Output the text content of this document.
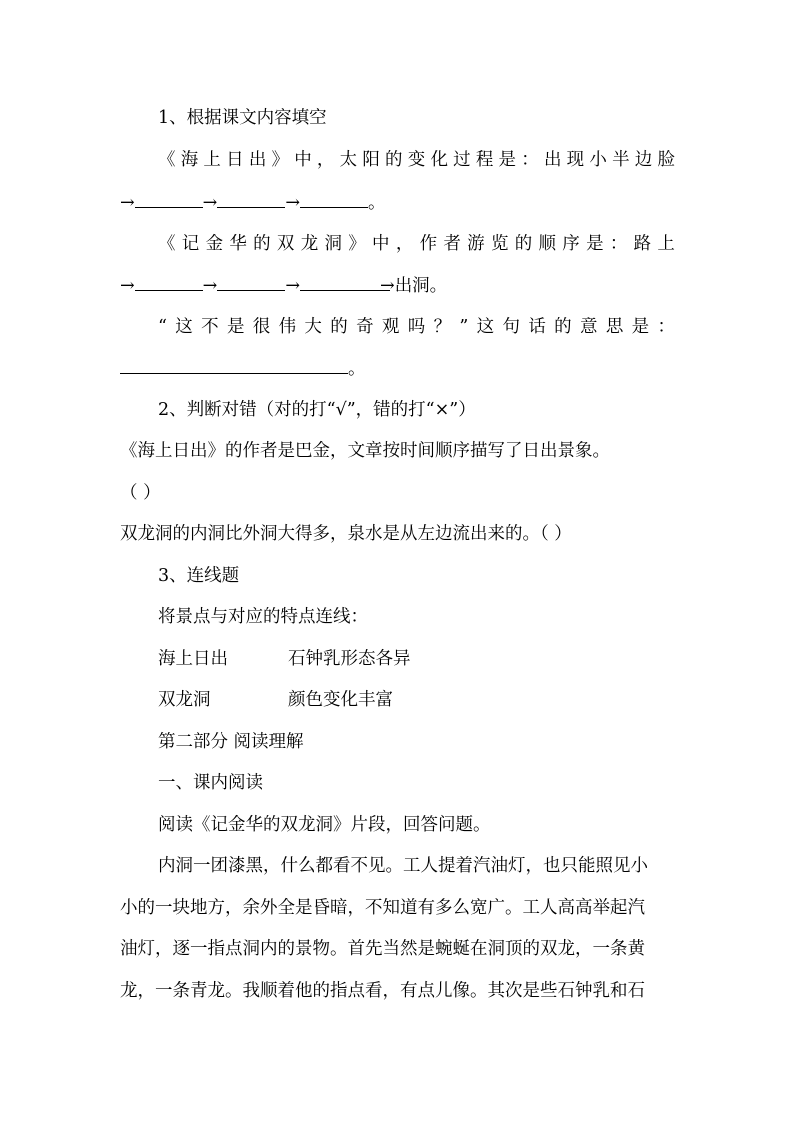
1、根据课文内容填空
《 海 上 日 出 》 中 ， 太 阳 的 变 化 过 程 是 ： 出 现 小 半 边 脸
→	→	→	。
《 记 金 华 的 双 龙 洞 》 中 ， 作 者 游 览 的 顺 序 是 ： 路 上
→	→	→	→出洞。
“ 这 不 是 很 伟 大 的 奇 观 吗 ？ ” 这 句 话 的 意 思 是 ：
。
2、判断对错（对的打“√”，错的打“×”）
《海上日出》的作者是巴金，文章按时间顺序描写了日出景象。
（ ）
双龙洞的内洞比外洞大得多，泉水是从左边流出来的。（ ）
3、连线题
将景点与对应的特点连线：
海上日出	石钟乳形态各异
双龙洞	颜色变化丰富
第二部分 阅读理解
一、课内阅读
阅读《记金华的双龙洞》片段，回答问题。
内洞一团漆黑，什么都看不见。工人提着汽油灯，也只能照见小
小的一块地方，余外全是昏暗，不知道有多么宽广。工人高高举起汽
油灯，逐一指点洞内的景物。首先当然是蜿蜒在洞顶的双龙，一条黄
龙，一条青龙。我顺着他的指点看，有点儿像。其次是些石钟乳和石
